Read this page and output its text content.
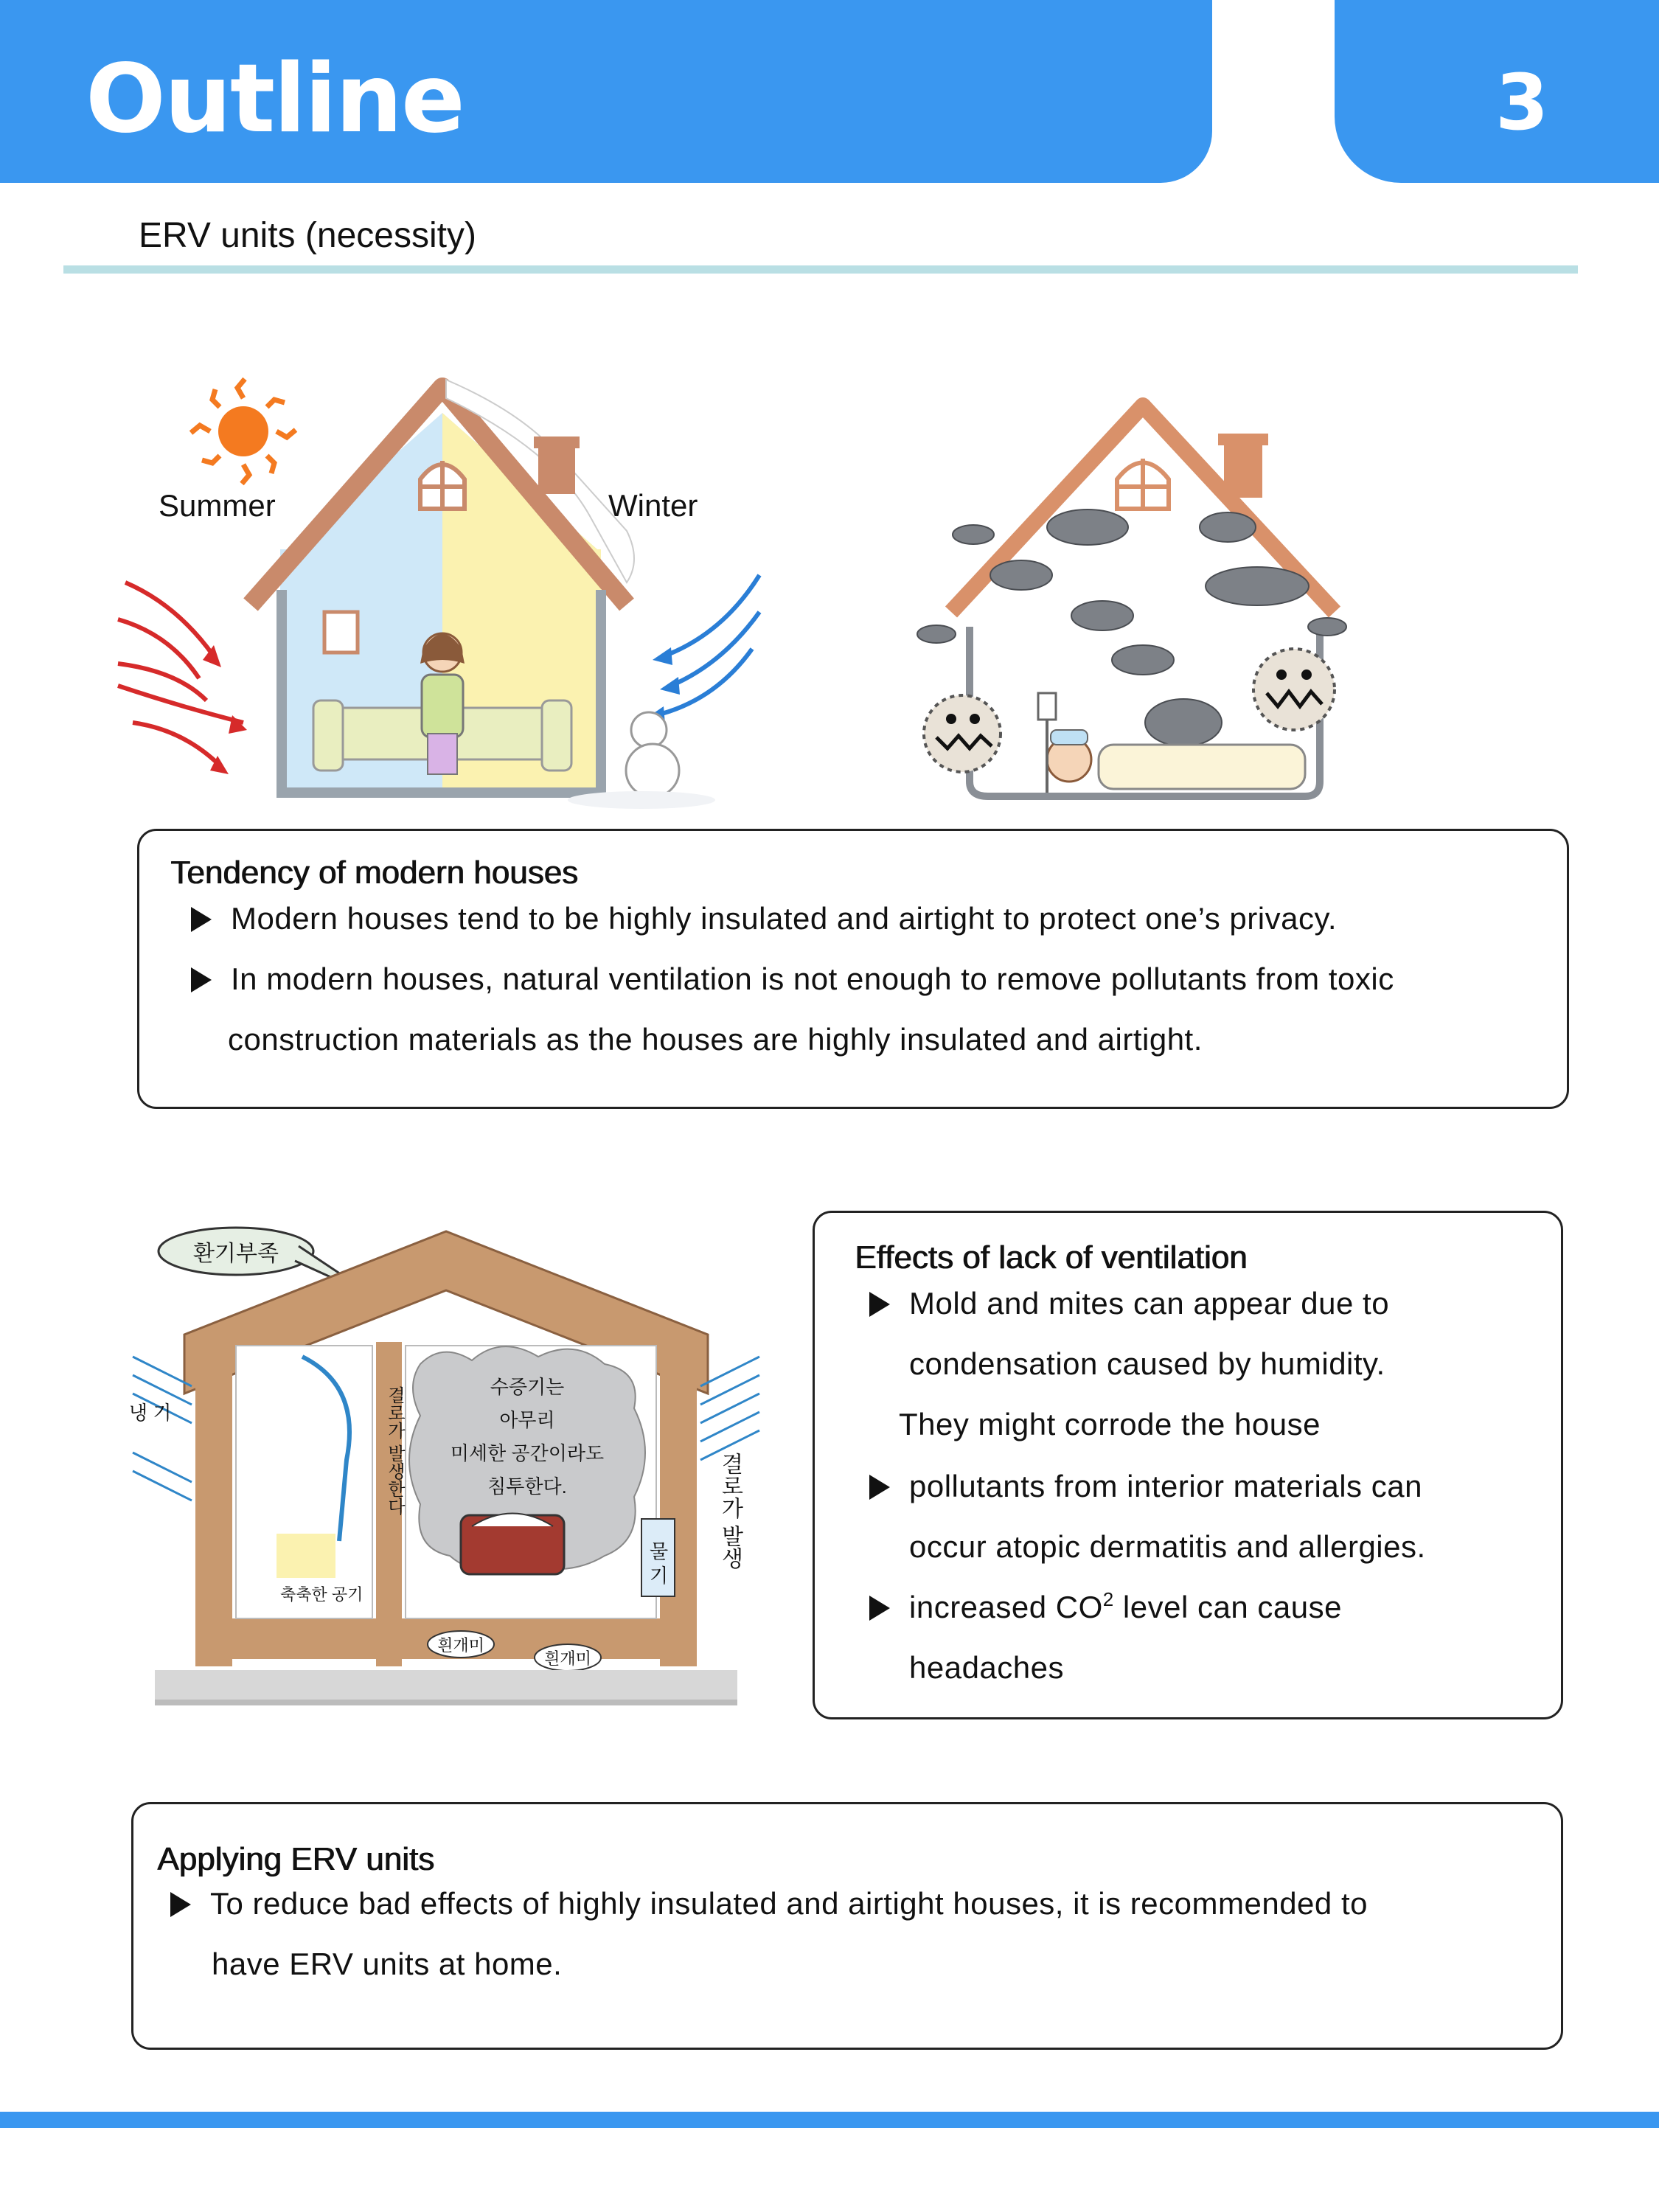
Outline	3
ERV units (necessity)
Summer	Winter
Tendency of modern houses
Modern houses tend to be highly insulated and airtight to protect one’s privacy.
In modern houses, natural ventilation is not enough to remove pollutants from toxic
construction materials as the houses are highly insulated and airtight.
환기부족
수증기는
아무리
미세한 공간이라도
침투한다.
축축한 공기
냉 기	결로가 발생한다	결로가 발생
물 기
흰개미
흰개미
Effects of lack of ventilation
Mold and mites can appear due to
condensation caused by humidity.
They might corrode the house
pollutants from interior materials can
occur atopic dermatitis and allergies.
increased $CO^2$ level can cause
headaches
Applying ERV units
To reduce bad effects of highly insulated and airtight houses, it is recommended to
have ERV units at home.
